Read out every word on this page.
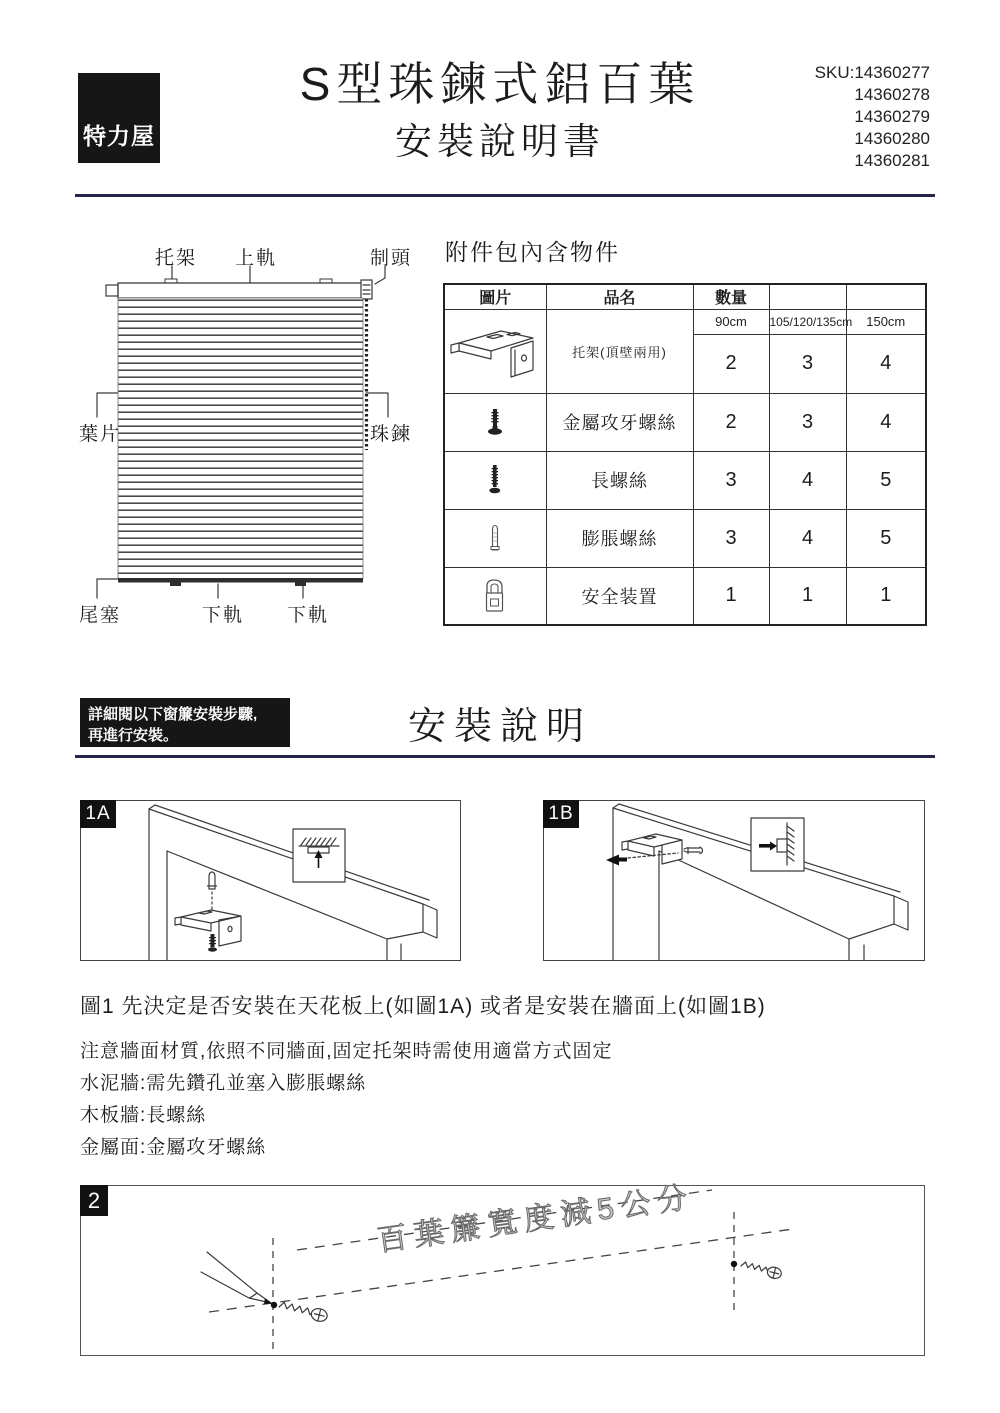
特力屋
S型珠鍊式鋁百葉
安裝說明書
SKU:14360277
14360278
14360279
14360280
14360281
托架 上軌	制頭
葉片	珠鍊
尾塞	下軌 下軌
附件包內含物件
圖片	品名	數量		

	托架(頂壁兩用)	90cm	105/120/135cm	150cm
		2	3	4

	金屬攻牙螺絲	2	3	4

	長螺絲	3	4	5

	膨脹螺絲	3	4	5

	安全装置	1	1	1
詳細閱以下窗簾安裝步驟,
再進行安裝。	安裝說明
1A	1B
圖1 先決定是否安裝在天花板上(如圖1A) 或者是安裝在牆面上(如圖1B)
注意牆面材質,依照不同牆面,固定托架時需使用適當方式固定
水泥牆:需先鑽孔並塞入膨脹螺絲
木板牆:長螺絲
金屬面:金屬攻牙螺絲
2	百葉簾寬度減5公分
